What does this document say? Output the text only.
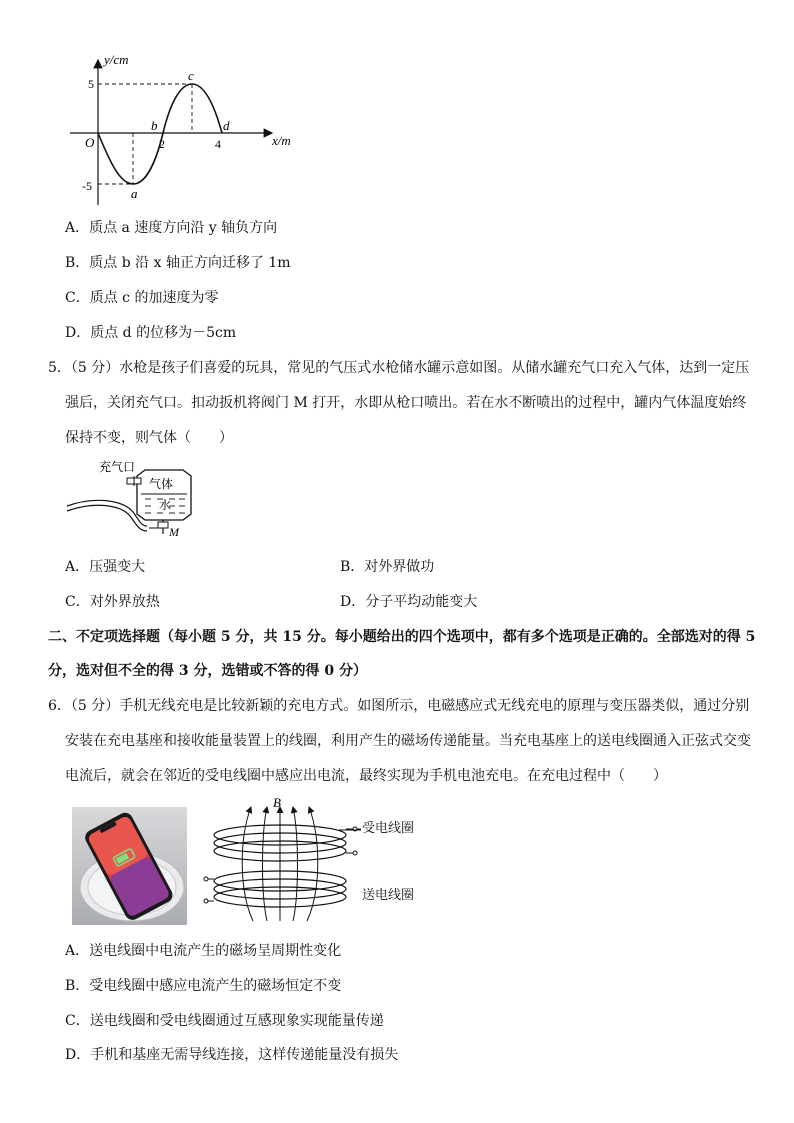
y/cm
x/m
O
5
-5
2	4
a
b
c
d
A．质点 a 速度方向沿 y 轴负方向
B．质点 b 沿 x 轴正方向迁移了 1m
C．质点 c 的加速度为零
D．质点 d 的位移为－5cm
5．（5 分）水枪是孩子们喜爱的玩具，常见的气压式水枪储水罐示意如图。从储水罐充气口充入气体，达到一定压
强后，关闭充气口。扣动扳机将阀门 M 打开，水即从枪口喷出。若在水不断喷出的过程中，罐内气体温度始终
保持不变，则气体（　　）
充气口
气体
水
M
A．压强变大	B．对外界做功
C．对外界放热	D．分子平均动能变大
二、不定项选择题（每小题 5 分，共 15 分。每小题给出的四个选项中，都有多个选项是正确的。全部选对的得 5
分，选对但不全的得 3 分，选错或不答的得 0 分）
6．（5 分）手机无线充电是比较新颖的充电方式。如图所示，电磁感应式无线充电的原理与变压器类似，通过分别
安装在充电基座和接收能量装置上的线圈，利用产生的磁场传递能量。当充电基座上的送电线圈通入正弦式交变
电流后，就会在邻近的受电线圈中感应出电流，最终实现为手机电池充电。在充电过程中（　　）
B
受电线圈
送电线圈
A．送电线圈中电流产生的磁场呈周期性变化
B．受电线圈中感应电流产生的磁场恒定不变
C．送电线圈和受电线圈通过互感现象实现能量传递
D．手机和基座无需导线连接，这样传递能量没有损失
